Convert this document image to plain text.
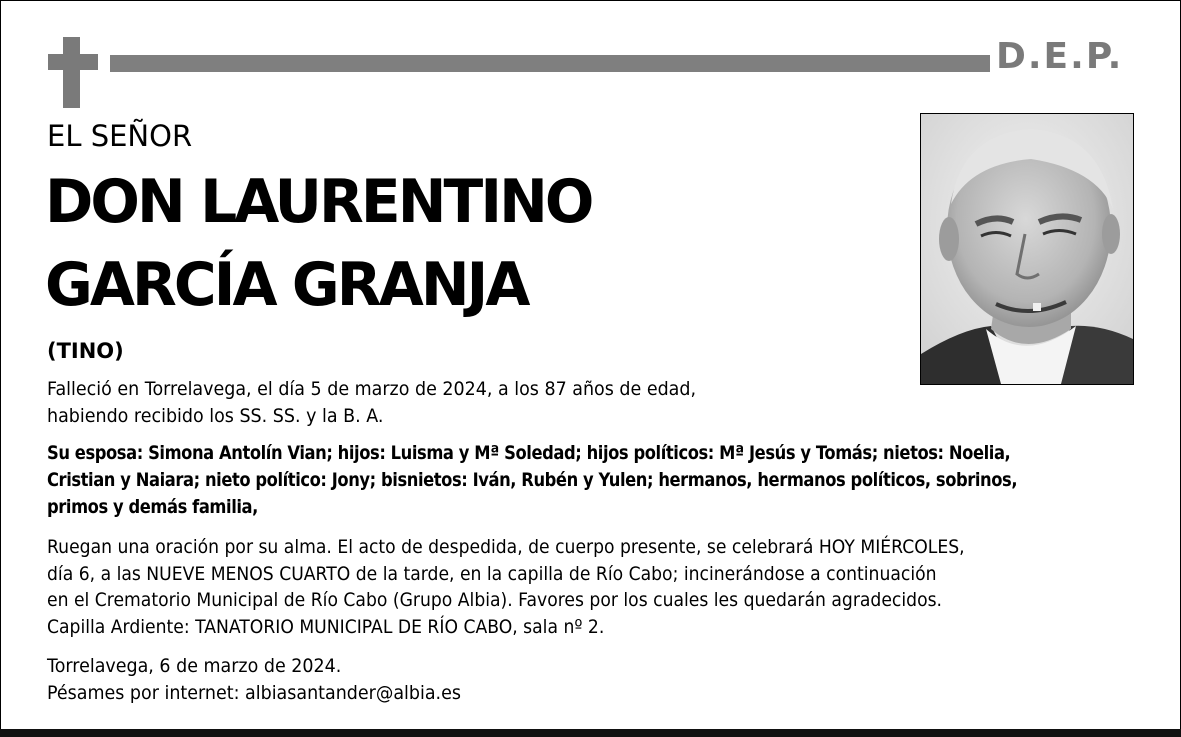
D.E.P.
EL SEÑOR
DON LAURENTINO
GARCÍA GRANJA
(TINO)
Falleció en Torrelavega, el día 5 de marzo de 2024, a los 87 años de edad,
habiendo recibido los SS. SS. y la B. A.
Su esposa: Simona Antolín Vian; hijos: Luisma y Mª Soledad; hijos políticos: Mª Jesús y Tomás; nietos: Noelia,
Cristian y Naiara; nieto político: Jony; bisnietos: Iván, Rubén y Yulen; hermanos, hermanos políticos, sobrinos,
primos y demás familia,
Ruegan una oración por su alma. El acto de despedida, de cuerpo presente, se celebrará HOY MIÉRCOLES,
día 6, a las NUEVE MENOS CUARTO de la tarde, en la capilla de Río Cabo; incinerándose a continuación
en el Crematorio Municipal de Río Cabo (Grupo Albia). Favores por los cuales les quedarán agradecidos.
Capilla Ardiente: TANATORIO MUNICIPAL DE RÍO CABO, sala nº 2.
Torrelavega, 6 de marzo de 2024.
Pésames por internet: albiasantander@albia.es
